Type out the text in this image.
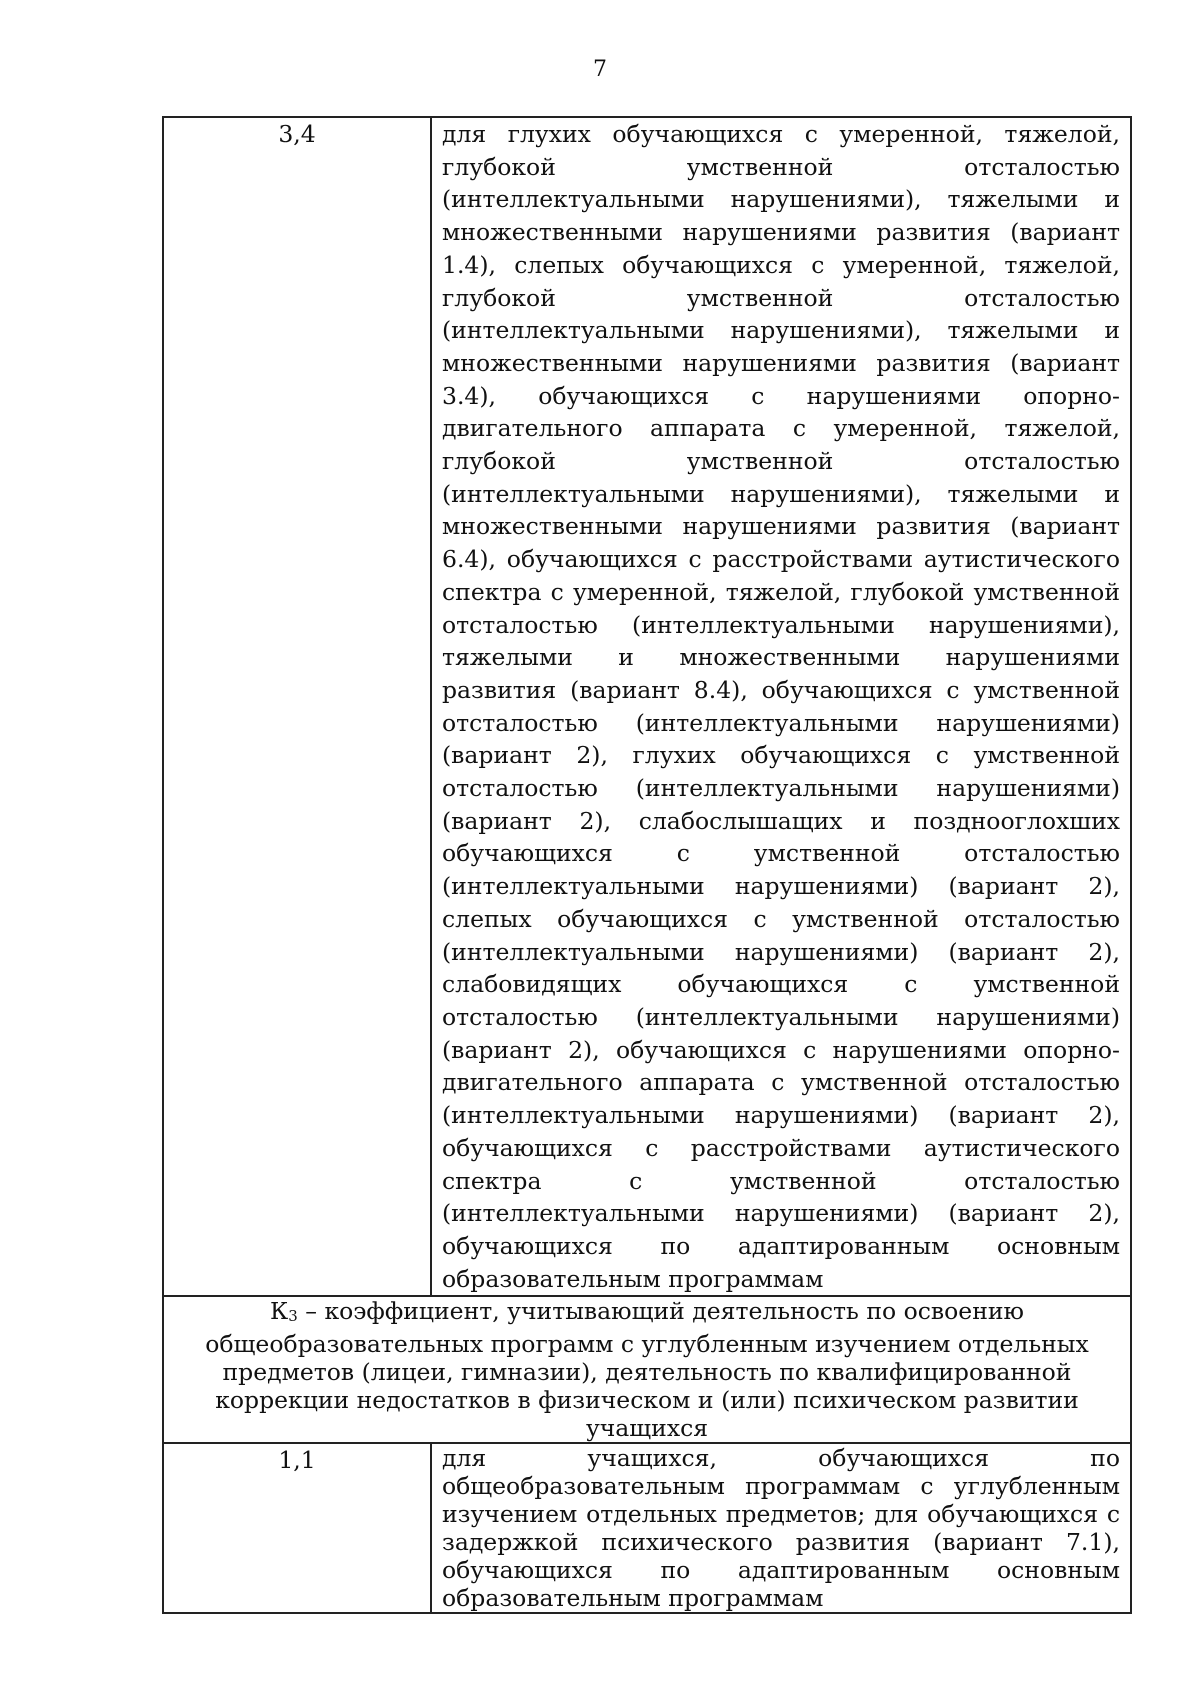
7
3,4	для глухих обучающихся с умеренной, тяжелой, глубокой умственной отсталостью (интеллектуальными нарушениями), тяжелыми и множественными нарушениями развития (вариант 1.4), слепых обучающихся с умеренной, тяжелой, глубокой умственной отсталостью (интеллектуальными нарушениями), тяжелыми и множественными нарушениями развития (вариант 3.4), обучающихся с нарушениями опорно-двигательного аппарата с умеренной, тяжелой, глубокой умственной отсталостью (интеллектуальными нарушениями), тяжелыми и множественными нарушениями развития (вариант 6.4), обучающихся с расстройствами аутистического спектра с умеренной, тяжелой, глубокой умственной отсталостью (интеллектуальными нарушениями), тяжелыми и множественными нарушениями развития (вариант 8.4), обучающихся с умственной отсталостью (интеллектуальными нарушениями) (вариант 2), глухих обучающихся с умственной отсталостью (интеллектуальными нарушениями) (вариант 2), слабослышащих и позднооглохших обучающихся с умственной отсталостью (интеллектуальными нарушениями) (вариант 2), слепых обучающихся с умственной отсталостью (интеллектуальными нарушениями) (вариант 2), слабовидящих обучающихся с умственной отсталостью (интеллектуальными нарушениями) (вариант 2), обучающихся с нарушениями опорно-двигательного аппарата с умственной отсталостью (интеллектуальными нарушениями) (вариант 2), обучающихся с расстройствами аутистического спектра с умственной отсталостью (интеллектуальными нарушениями) (вариант 2), обучающихся по адаптированным основным образовательным программам
$К_3$ – коэффициент, учитывающий деятельность по освоению общеобразовательных программ с углубленным изучением отдельных предметов (лицеи, гимназии), деятельность по квалифицированной коррекции недостатков в физическом и (или) психическом развитии учащихся	
1,1	для учащихся, обучающихся по общеобразовательным программам с углубленным изучением отдельных предметов; для обучающихся с задержкой психического развития (вариант 7.1), обучающихся по адаптированным основным образовательным программам
